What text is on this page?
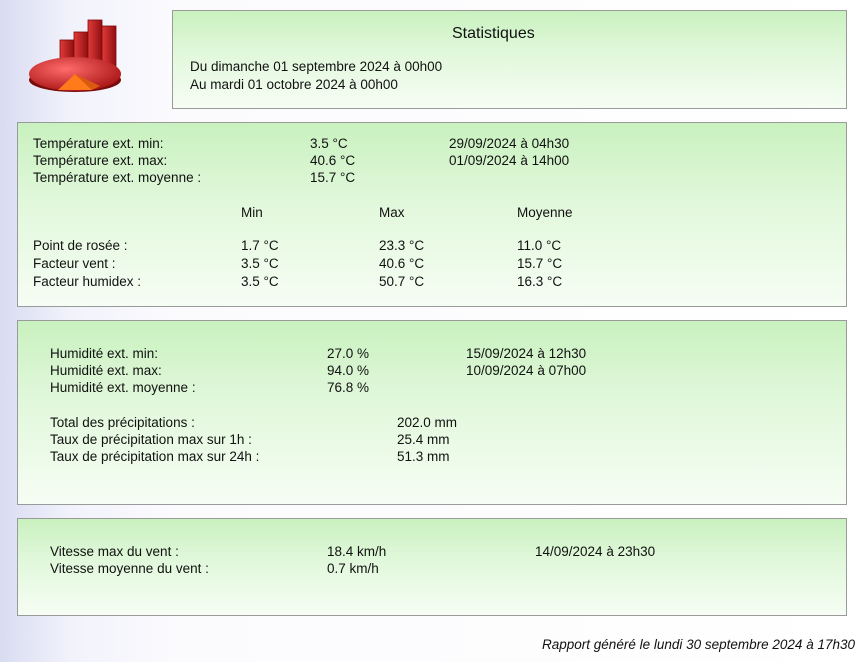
Statistiques
Du dimanche 01 septembre 2024 à 00h00
Au mardi 01 octobre 2024 à 00h00
Température ext. min:	3.5 °C	29/09/2024 à 04h30
Température ext. max:	40.6 °C	01/09/2024 à 14h00
Température ext. moyenne :	15.7 °C
Min	Max	Moyenne
Point de rosée :	1.7 °C	23.3 °C	11.0 °C
Facteur vent :	3.5 °C	40.6 °C	15.7 °C
Facteur humidex :	3.5 °C	50.7 °C	16.3 °C
Humidité ext. min:	27.0 %	15/09/2024 à 12h30
Humidité ext. max:	94.0 %	10/09/2024 à 07h00
Humidité ext. moyenne :	76.8 %
Total des précipitations :	202.0 mm
Taux de précipitation max sur 1h :	25.4 mm
Taux de précipitation max sur 24h :	51.3 mm
Vitesse max du vent :	18.4 km/h	14/09/2024 à 23h30
Vitesse moyenne du vent :	0.7 km/h
Rapport généré le lundi 30 septembre 2024 à 17h30
